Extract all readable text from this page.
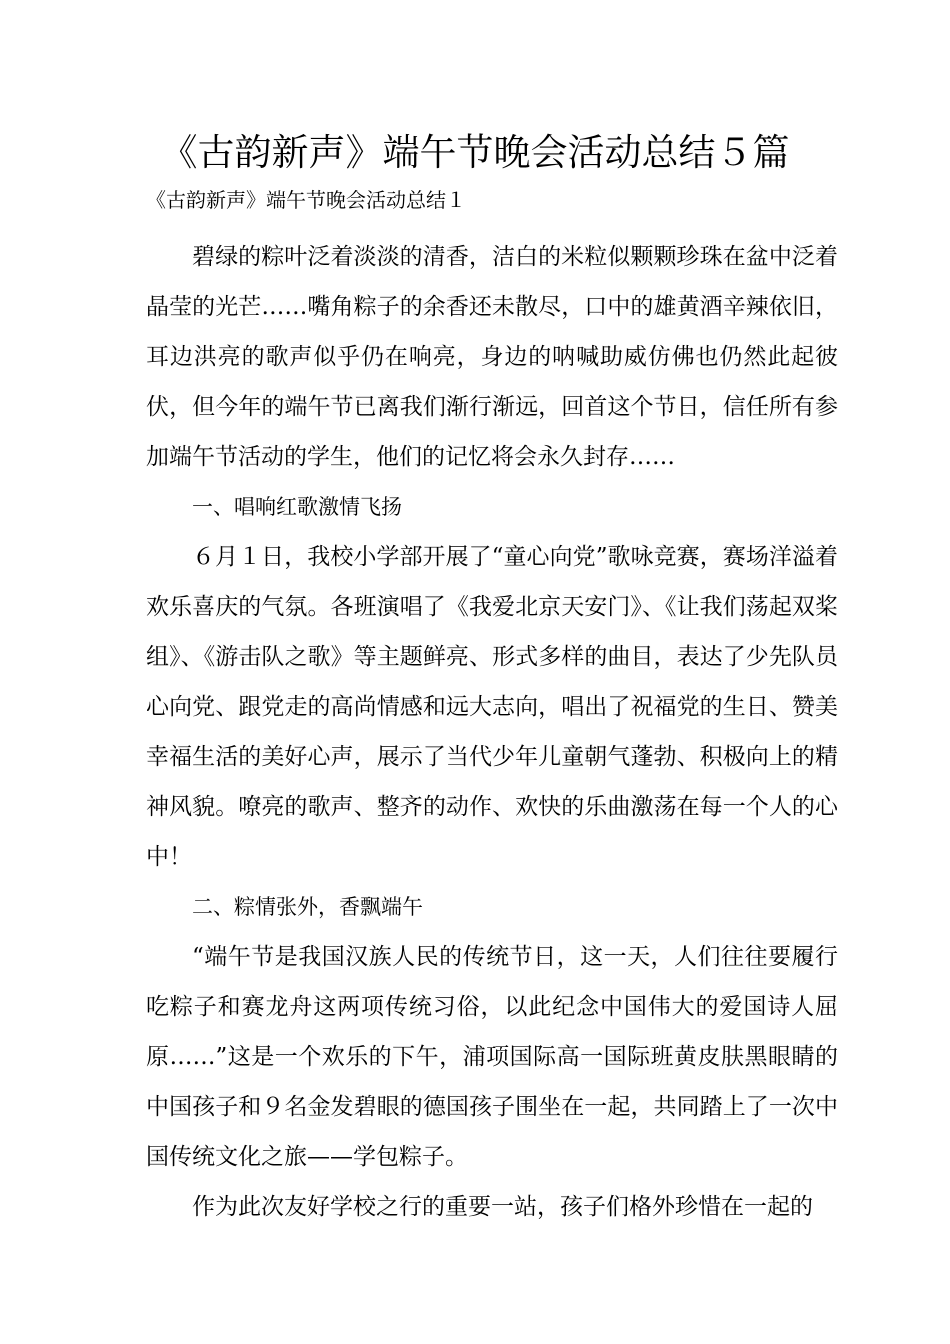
《古韵新声》端午节晚会活动总结５篇
《古韵新声》端午节晚会活动总结１

碧绿的粽叶泛着淡淡的清香，洁白的米粒似颗颗珍珠在盆中泛着晶莹的光芒……嘴角粽子的余香还未散尽，口中的雄黄酒辛辣依旧，耳边洪亮的歌声似乎仍在响亮，身边的呐喊助威仿佛也仍然此起彼伏，但今年的端午节已离我们渐行渐远，回首这个节日，信任所有参加端午节活动的学生，他们的记忆将会永久封存……

一、唱响红歌激情飞扬

６月１日，我校小学部开展了“童心向党”歌咏竞赛，赛场洋溢着欢乐喜庆的气氛。各班演唱了《我爱北京天安门》、《让我们荡起双桨组》、《游击队之歌》等主题鲜亮、形式多样的曲目，表达了少先队员心向党、跟党走的高尚情感和远大志向，唱出了祝福党的生日、赞美幸福生活的美好心声，展示了当代少年儿童朝气蓬勃、积极向上的精神风貌。嘹亮的歌声、整齐的动作、欢快的乐曲激荡在每一个人的心中！

二、粽情张外，香飘端午

“端午节是我国汉族人民的传统节日，这一天，人们往往要履行吃粽子和赛龙舟这两项传统习俗，以此纪念中国伟大的爱国诗人屈原……”这是一个欢乐的下午，浦项国际高一国际班黄皮肤黑眼睛的中国孩子和９名金发碧眼的德国孩子围坐在一起，共同踏上了一次中国传统文化之旅——学包粽子。

作为此次友好学校之行的重要一站，孩子们格外珍惜在一起的
